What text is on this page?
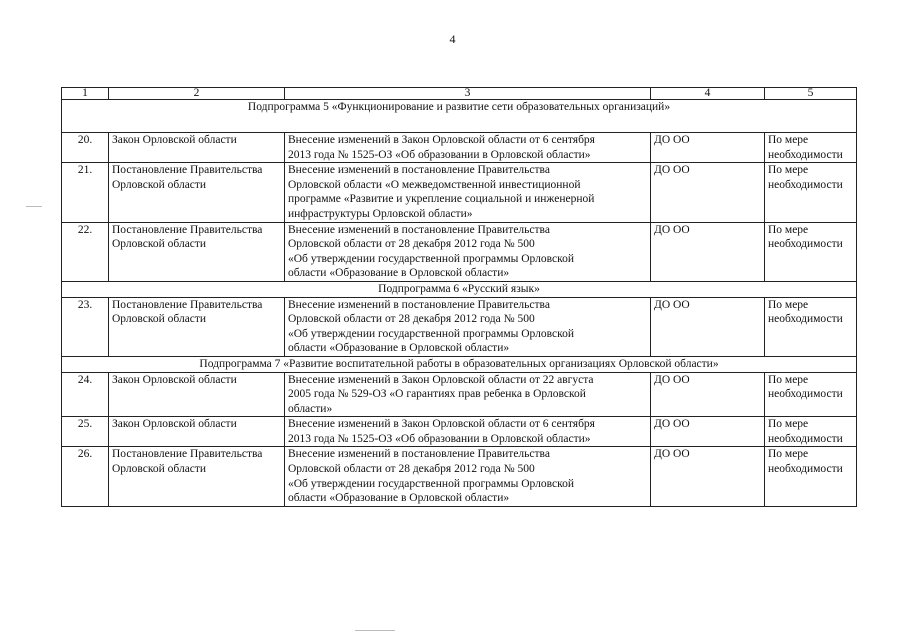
4
1	2	3	4	5
Подпрограмма 5 «Функционирование и развитие сети образовательных организаций»				
20.	Закон Орловской области	Внесение изменений в Закон Орловской области от 6 сентября
2013 года № 1525-ОЗ «Об образовании в Орловской области»	ДО ОО	По мере
необходимости

21.	Постановление Правительства
Орловской области	Внесение изменений в постановление Правительства
Орловской области «О межведомственной инвестиционной
программе «Развитие и укрепление социальной и инженерной
инфраструктуры Орловской области»	ДО ОО	По мере
необходимости

22.	Постановление Правительства
Орловской области	Внесение изменений в постановление Правительства
Орловской области от 28 декабря 2012 года № 500
«Об утверждении государственной программы Орловской
области «Образование в Орловской области»	ДО ОО	По мере
необходимости

Подпрограмма 6 «Русский язык»				
23.	Постановление Правительства
Орловской области	Внесение изменений в постановление Правительства
Орловской области от 28 декабря 2012 года № 500
«Об утверждении государственной программы Орловской
области «Образование в Орловской области»	ДО ОО	По мере
необходимости

Подпрограмма 7 «Развитие воспитательной работы в образовательных организациях Орловской области»				
24.	Закон Орловской области	Внесение изменений в Закон Орловской области от 22 августа
2005 года № 529-ОЗ «О гарантиях прав ребенка в Орловской
области»	ДО ОО	По мере
необходимости

25.	Закон Орловской области	Внесение изменений в Закон Орловской области от 6 сентября
2013 года № 1525-ОЗ «Об образовании в Орловской области»	ДО ОО	По мере
необходимости

26.	Постановление Правительства
Орловской области	Внесение изменений в постановление Правительства
Орловской области от 28 декабря 2012 года № 500
«Об утверждении государственной программы Орловской
области «Образование в Орловской области»	ДО ОО	По мере
необходимости
